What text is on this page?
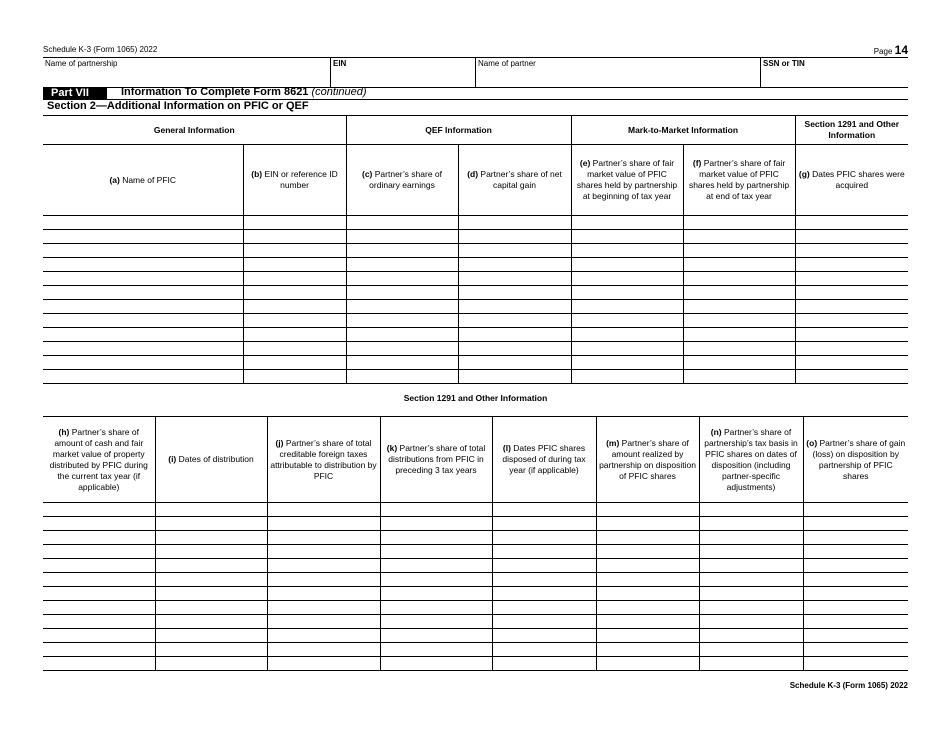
Schedule K-3 (Form 1065) 2022	Page 14
Name of partnership	EIN	Name of partner	SSN or TIN
Part VII	Information To Complete Form 8621 (continued)
Section 2—Additional Information on PFIC or QEF
General Information		QEF Information		Mark-to-Market Information		Section 1291 and Other Information
(a) Name of PFIC	(b) EIN or reference ID number	(c) Partner’s share of ordinary earnings	(d) Partner’s share of net capital gain	(e) Partner’s share of fair market value of PFIC shares held by partnership at beginning of tax year	(f) Partner’s share of fair market value of PFIC shares held by partnership at end of tax year	(g) Dates PFIC shares were acquired

Section 1291 and Other Information
(h) Partner’s share of amount of cash and fair market value of property distributed by PFIC during the current tax year (if applicable)	(i) Dates of distribution	(j) Partner’s share of total creditable foreign taxes attributable to distribution by PFIC	(k) Partner’s share of total distributions from PFIC in preceding 3 tax years	(l) Dates PFIC shares disposed of during tax year (if applicable)	(m) Partner’s share of amount realized by partnership on disposition of PFIC shares	(n) Partner’s share of partnership’s tax basis in PFIC shares on dates of disposition (including partner-specific adjustments)	(o) Partner’s share of gain (loss) on disposition by partnership of PFIC shares

Schedule K-3 (Form 1065) 2022
